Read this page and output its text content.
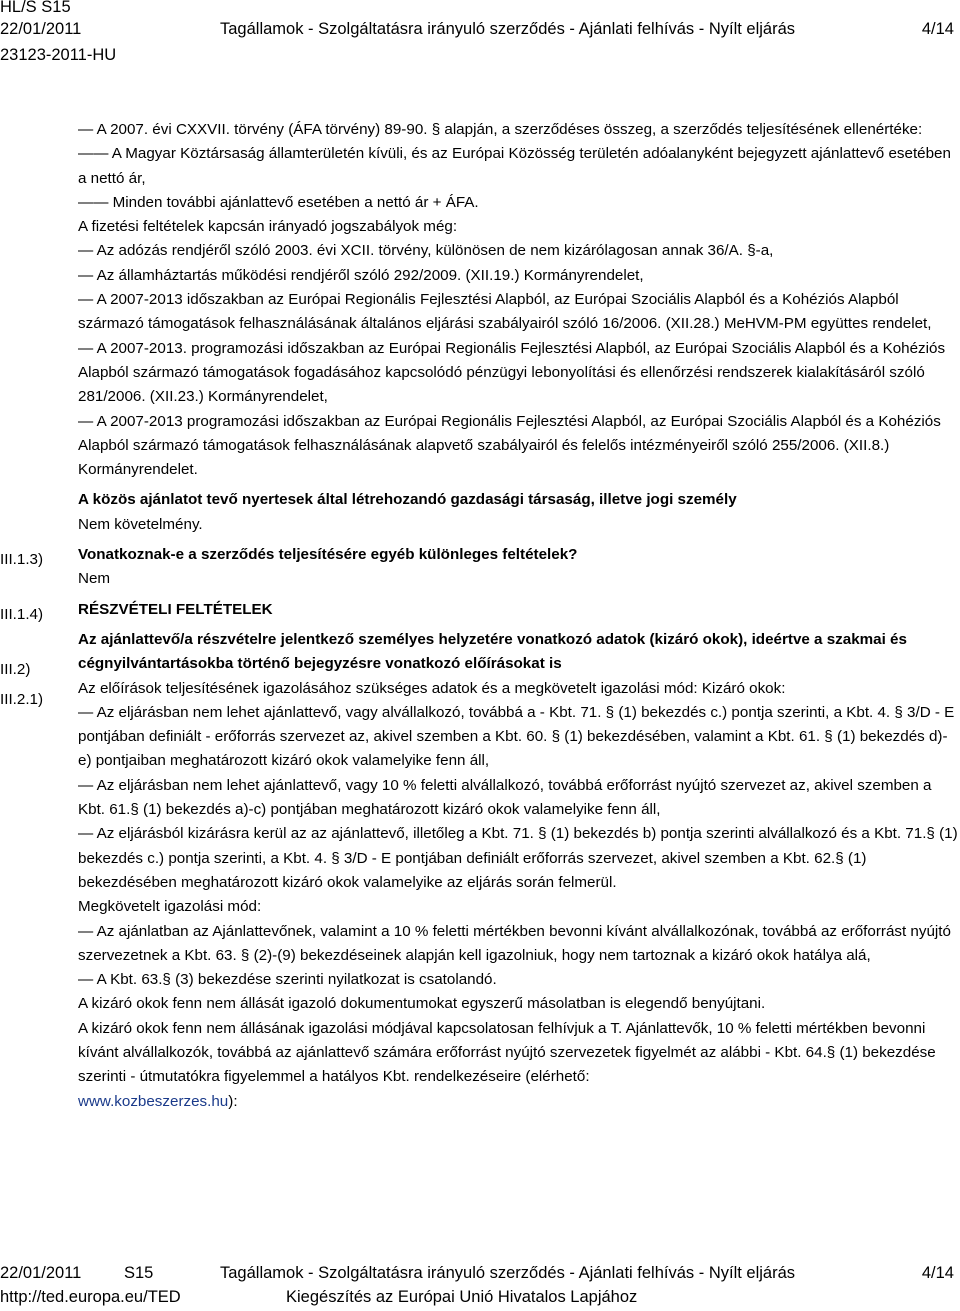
HL/S S15
22/01/2011
23123-2011-HU
Tagállamok - Szolgáltatásra irányuló szerződés - Ajánlati felhívás - Nyílt eljárás	4/14
III.1.3)
III.1.4)
III.2)
III.2.1)

— A 2007. évi CXXVII. törvény (ÁFA törvény) 89-90. § alapján, a szerződéses összeg, a szerződés teljesítésének ellenértéke:

—— A Magyar Köztársaság államterületén kívüli, és az Európai Közösség területén adóalanyként bejegyzett ajánlattevő esetében a nettó ár,

—— Minden további ajánlattevő esetében a nettó ár + ÁFA.

A fizetési feltételek kapcsán irányadó jogszabályok még:

— Az adózás rendjéről szóló 2003. évi XCII. törvény, különösen de nem kizárólagosan annak 36/A. §-a,

— Az államháztartás működési rendjéről szóló 292/2009. (XII.19.) Kormányrendelet,

— A 2007-2013 időszakban az Európai Regionális Fejlesztési Alapból, az Európai Szociális Alapból és a Kohéziós Alapból származó támogatások felhasználásának általános eljárási szabályairól szóló 16/2006. (XII.28.) MeHVM-PM együttes rendelet,

— A 2007-2013. programozási időszakban az Európai Regionális Fejlesztési Alapból, az Európai Szociális Alapból és a Kohéziós Alapból származó támogatások fogadásához kapcsolódó pénzügyi lebonyolítási és ellenőrzési rendszerek kialakításáról szóló 281/2006. (XII.23.) Kormányrendelet,

— A 2007-2013 programozási időszakban az Európai Regionális Fejlesztési Alapból, az Európai Szociális Alapból és a Kohéziós Alapból származó támogatások felhasználásának alapvető szabályairól és felelős intézményeiről szóló 255/2006. (XII.8.) Kormányrendelet.

A közös ajánlatot tevő nyertesek által létrehozandó gazdasági társaság, illetve jogi személy

Nem követelmény.

Vonatkoznak-e a szerződés teljesítésére egyéb különleges feltételek?

Nem

RÉSZVÉTELI FELTÉTELEK

Az ajánlattevő/a részvételre jelentkező személyes helyzetére vonatkozó adatok (kizáró okok), ideértve a szakmai és cégnyilvántartásokba történő bejegyzésre vonatkozó előírásokat is

Az előírások teljesítésének igazolásához szükséges adatok és a megkövetelt igazolási mód: Kizáró okok:

— Az eljárásban nem lehet ajánlattevő, vagy alvállalkozó, továbbá a - Kbt. 71. § (1) bekezdés c.) pontja szerinti, a Kbt. 4. § 3/D - E pontjában definiált - erőforrás szervezet az, akivel szemben a Kbt. 60. § (1) bekezdésében, valamint a Kbt. 61. § (1) bekezdés d)-e) pontjaiban meghatározott kizáró okok valamelyike fenn áll,

— Az eljárásban nem lehet ajánlattevő, vagy 10 % feletti alvállalkozó, továbbá erőforrást nyújtó szervezet az, akivel szemben a Kbt. 61.§ (1) bekezdés a)-c) pontjában meghatározott kizáró okok valamelyike fenn áll,

— Az eljárásból kizárásra kerül az az ajánlattevő, illetőleg a Kbt. 71. § (1) bekezdés b) pontja szerinti alvállalkozó és a Kbt. 71.§ (1) bekezdés c.) pontja szerinti, a Kbt. 4. § 3/D - E pontjában definiált erőforrás szervezet, akivel szemben a Kbt. 62.§ (1) bekezdésében meghatározott kizáró okok valamelyike az eljárás során felmerül.

Megkövetelt igazolási mód:

— Az ajánlatban az Ajánlattevőnek, valamint a 10 % feletti mértékben bevonni kívánt alvállalkozónak, továbbá az erőforrást nyújtó szervezetnek a Kbt. 63. § (2)-(9) bekezdéseinek alapján kell igazolniuk, hogy nem tartoznak a kizáró okok hatálya alá,

— A Kbt. 63.§ (3) bekezdése szerinti nyilatkozat is csatolandó.

A kizáró okok fenn nem állását igazoló dokumentumokat egyszerű másolatban is elegendő benyújtani.

A kizáró okok fenn nem állásának igazolási módjával kapcsolatosan felhívjuk a T. Ajánlattevők, 10 % feletti mértékben bevonni kívánt alvállalkozók, továbbá az ajánlattevő számára erőforrást nyújtó szervezetek figyelmét az alábbi - Kbt. 64.§ (1) bekezdése szerinti - útmutatókra figyelemmel a hatályos Kbt. rendelkezéseire (elérhető:
www.kozbeszerzes.hu):

22/01/2011	S15
http://ted.europa.eu/TED
Tagállamok - Szolgáltatásra irányuló szerződés - Ajánlati felhívás - Nyílt eljárás
Kiegészítés az Európai Unió Hivatalos Lapjához
4/14
